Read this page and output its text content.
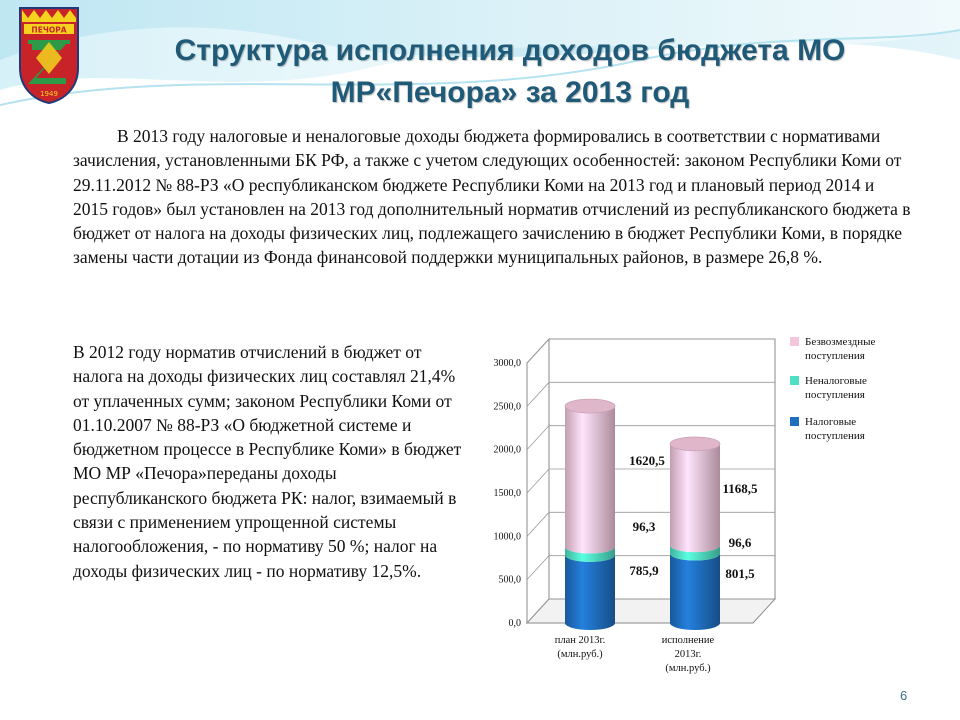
ПЕЧОРА
1949
Структура исполнения доходов бюджета МО
МР«Печора» за 2013 год

В 2013 году налоговые и неналоговые доходы бюджета формировались в соответствии с нормативами зачисления, установленными БК РФ, а также с учетом следующих особенностей: законом Республики Коми от 29.11.2012 № 88-РЗ «О республиканском бюджете Республики Коми на 2013 год и плановый период 2014 и 2015 годов» был установлен на 2013 год дополнительный норматив отчислений из республиканского бюджета в бюджет от налога на доходы физических лиц, подлежащего зачислению в бюджет Республики Коми, в порядке замены части дотации из Фонда финансовой поддержки муниципальных районов, в размере 26,8 %.

В 2012 году норматив отчислений в бюджет от налога на доходы физических лиц составлял 21,4% от уплаченных сумм; законом Республики Коми от 01.10.2007 № 88-РЗ «О бюджетной системе и бюджетном процессе в Республике Коми» в бюджет МО МР «Печора»переданы доходы республиканского бюджета РК: налог, взимаемый в связи с применением упрощенной системы налогообложения, - по нормативу 50 %; налог на доходы физических лиц - по нормативу 12,5%.

0,0
500,0
1000,0
1500,0
2000,0
2500,0
3000,0
785,9	801,5
96,3
96,6
1620,5
1168,5
план 2013г.
(млн.руб.)
исполнение
2013г.
(млн.руб.)
Безвозмездные
поступления
Неналоговые
поступления
Налоговые
поступления
6
